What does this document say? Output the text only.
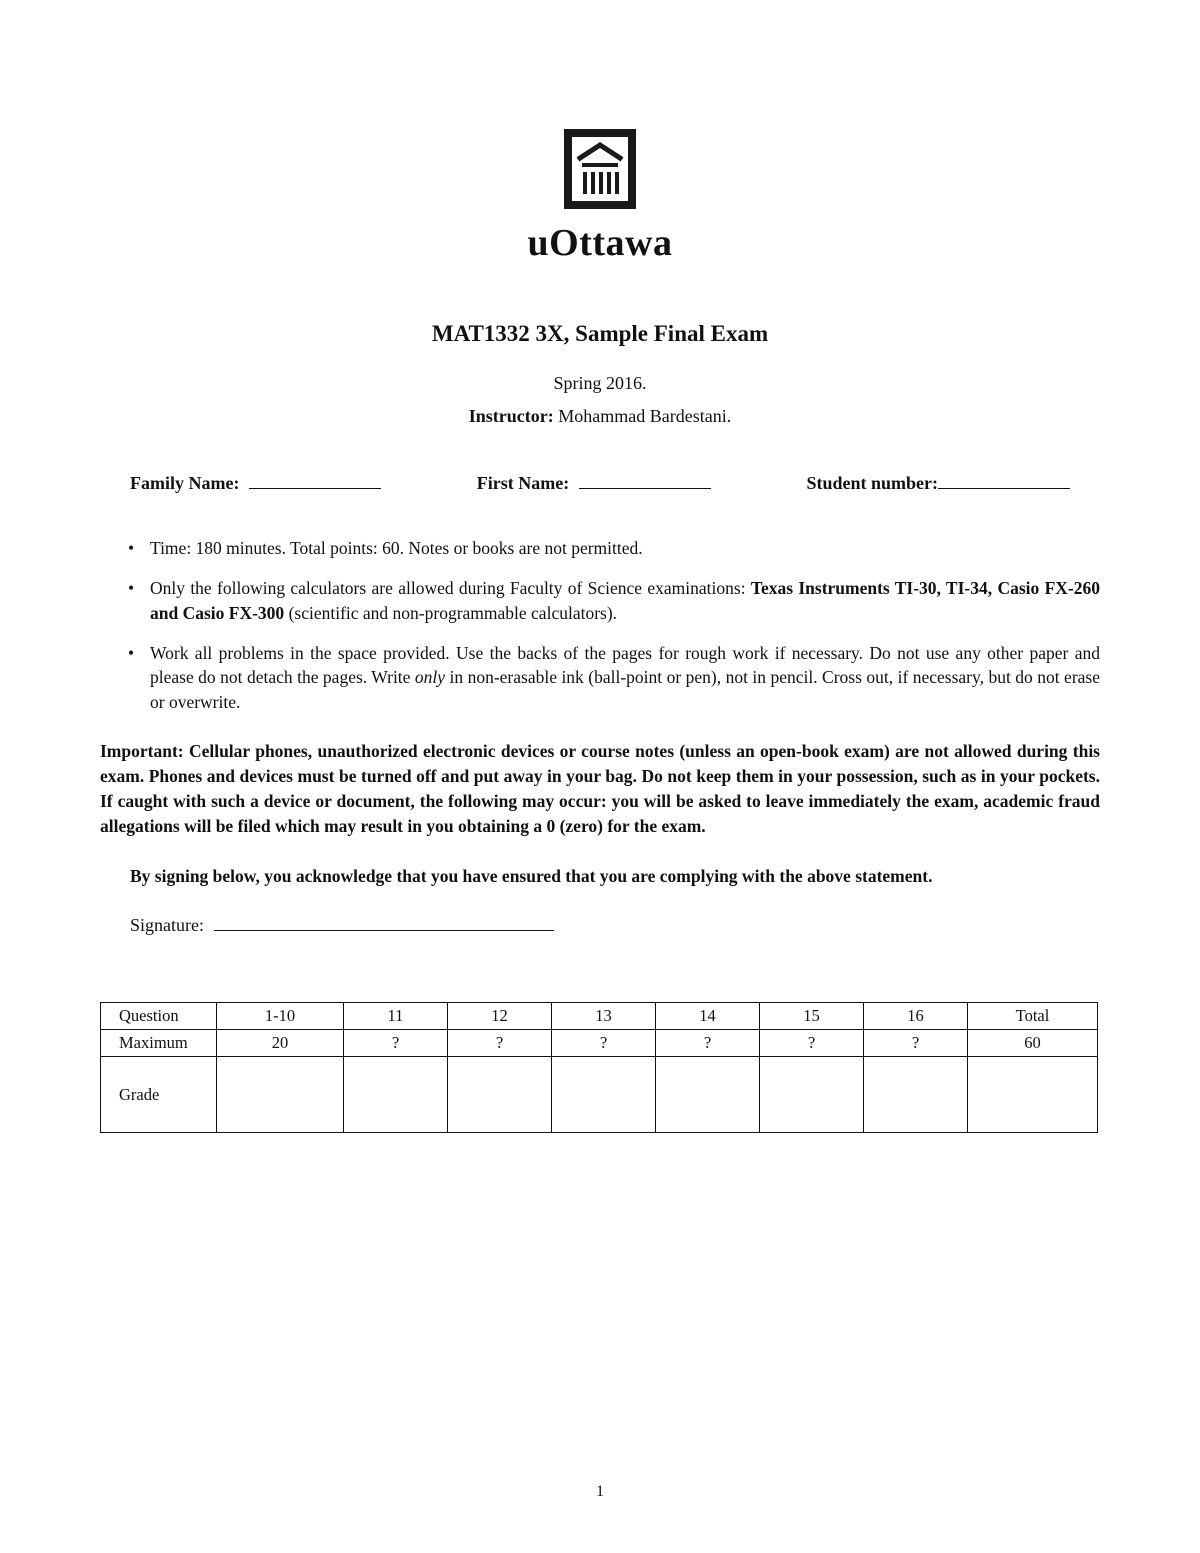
uOttawa
MAT1332 3X, Sample Final Exam
Spring 2016.
Instructor: Mohammad Bardestani.
Family Name:	First Name:	Student number:
• Time: 180 minutes. Total points: 60. Notes or books are not permitted.
• Only the following calculators are allowed during Faculty of Science examinations: Texas Instruments TI-30, TI-34, Casio FX-260 and Casio FX-300 (scientific and non-programmable calculators).
• Work all problems in the space provided. Use the backs of the pages for rough work if necessary. Do not use any other paper and please do not detach the pages. Write only in non-erasable ink (ball-point or pen), not in pencil. Cross out, if necessary, but do not erase or overwrite.

Important: Cellular phones, unauthorized electronic devices or course notes (unless an open-book exam) are not allowed during this exam. Phones and devices must be turned off and put away in your bag. Do not keep them in your possession, such as in your pockets. If caught with such a device or document, the following may occur: you will be asked to leave immediately the exam, academic fraud allegations will be filed which may result in you obtaining a 0 (zero) for the exam.

By signing below, you acknowledge that you have ensured that you are complying with the above statement.

Signature:
Question	1-10	11	12	13	14	15	16	Total
Maximum	20	?	?	?	?	?	?	60
Grade								
1
